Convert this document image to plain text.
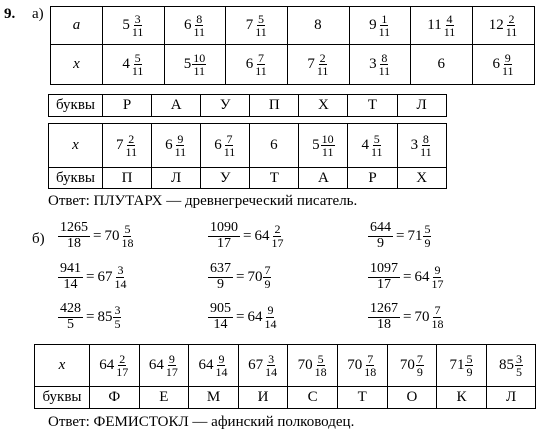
9. а)
a	$5 \frac{3}{11}$	$6 \frac{8}{11}$	$7 \frac{5}{11}$	8	$9 \frac{1}{11}$	$11 \frac{4}{11}$	$12 \frac{2}{11}$

x	$4 \frac{5}{11}$	$5 \frac{10}{11}$	$6 \frac{7}{11}$	$7 \frac{2}{11}$	$3 \frac{8}{11}$	6	$6 \frac{9}{11}$
буквы	Р	А	У	П	Х	Т	Л
x	$7 \frac{2}{11}$	$6 \frac{9}{11}$	$6 \frac{7}{11}$	6	$5 \frac{10}{11}$	$4 \frac{5}{11}$	$3 \frac{8}{11}$

буквы	П	Л	У	Т	А	Р	Х
Ответ: ПЛУТАРХ — древнегреческий писатель.
$б) \frac{1265}{18} = 70 \frac{5}{18}$	$\frac{1090}{17} = 64 \frac{2}{17}$	$\frac{644}{9} = 71 \frac{5}{9}$
$\frac{941}{14} = 67 \frac{3}{14}$	$\frac{637}{9} = 70 \frac{7}{9}$	$\frac{1097}{17} = 64 \frac{9}{17}$
$\frac{428}{5} = 85 \frac{3}{5}$	$\frac{905}{14} = 64 \frac{9}{14}$	$\frac{1267}{18} = 70 \frac{7}{18}$
x	$64 \frac{2}{17}$	$64 \frac{9}{17}$	$64 \frac{9}{14}$	$67 \frac{3}{14}$	$70 \frac{5}{18}$	$70 \frac{7}{18}$	$70 \frac{7}{9}$	$71 \frac{5}{9}$	$85 \frac{3}{5}$

буквы	Ф	Е	М	И	С	Т	О	К	Л
Ответ: ФЕМИСТОКЛ — афинский полководец.
